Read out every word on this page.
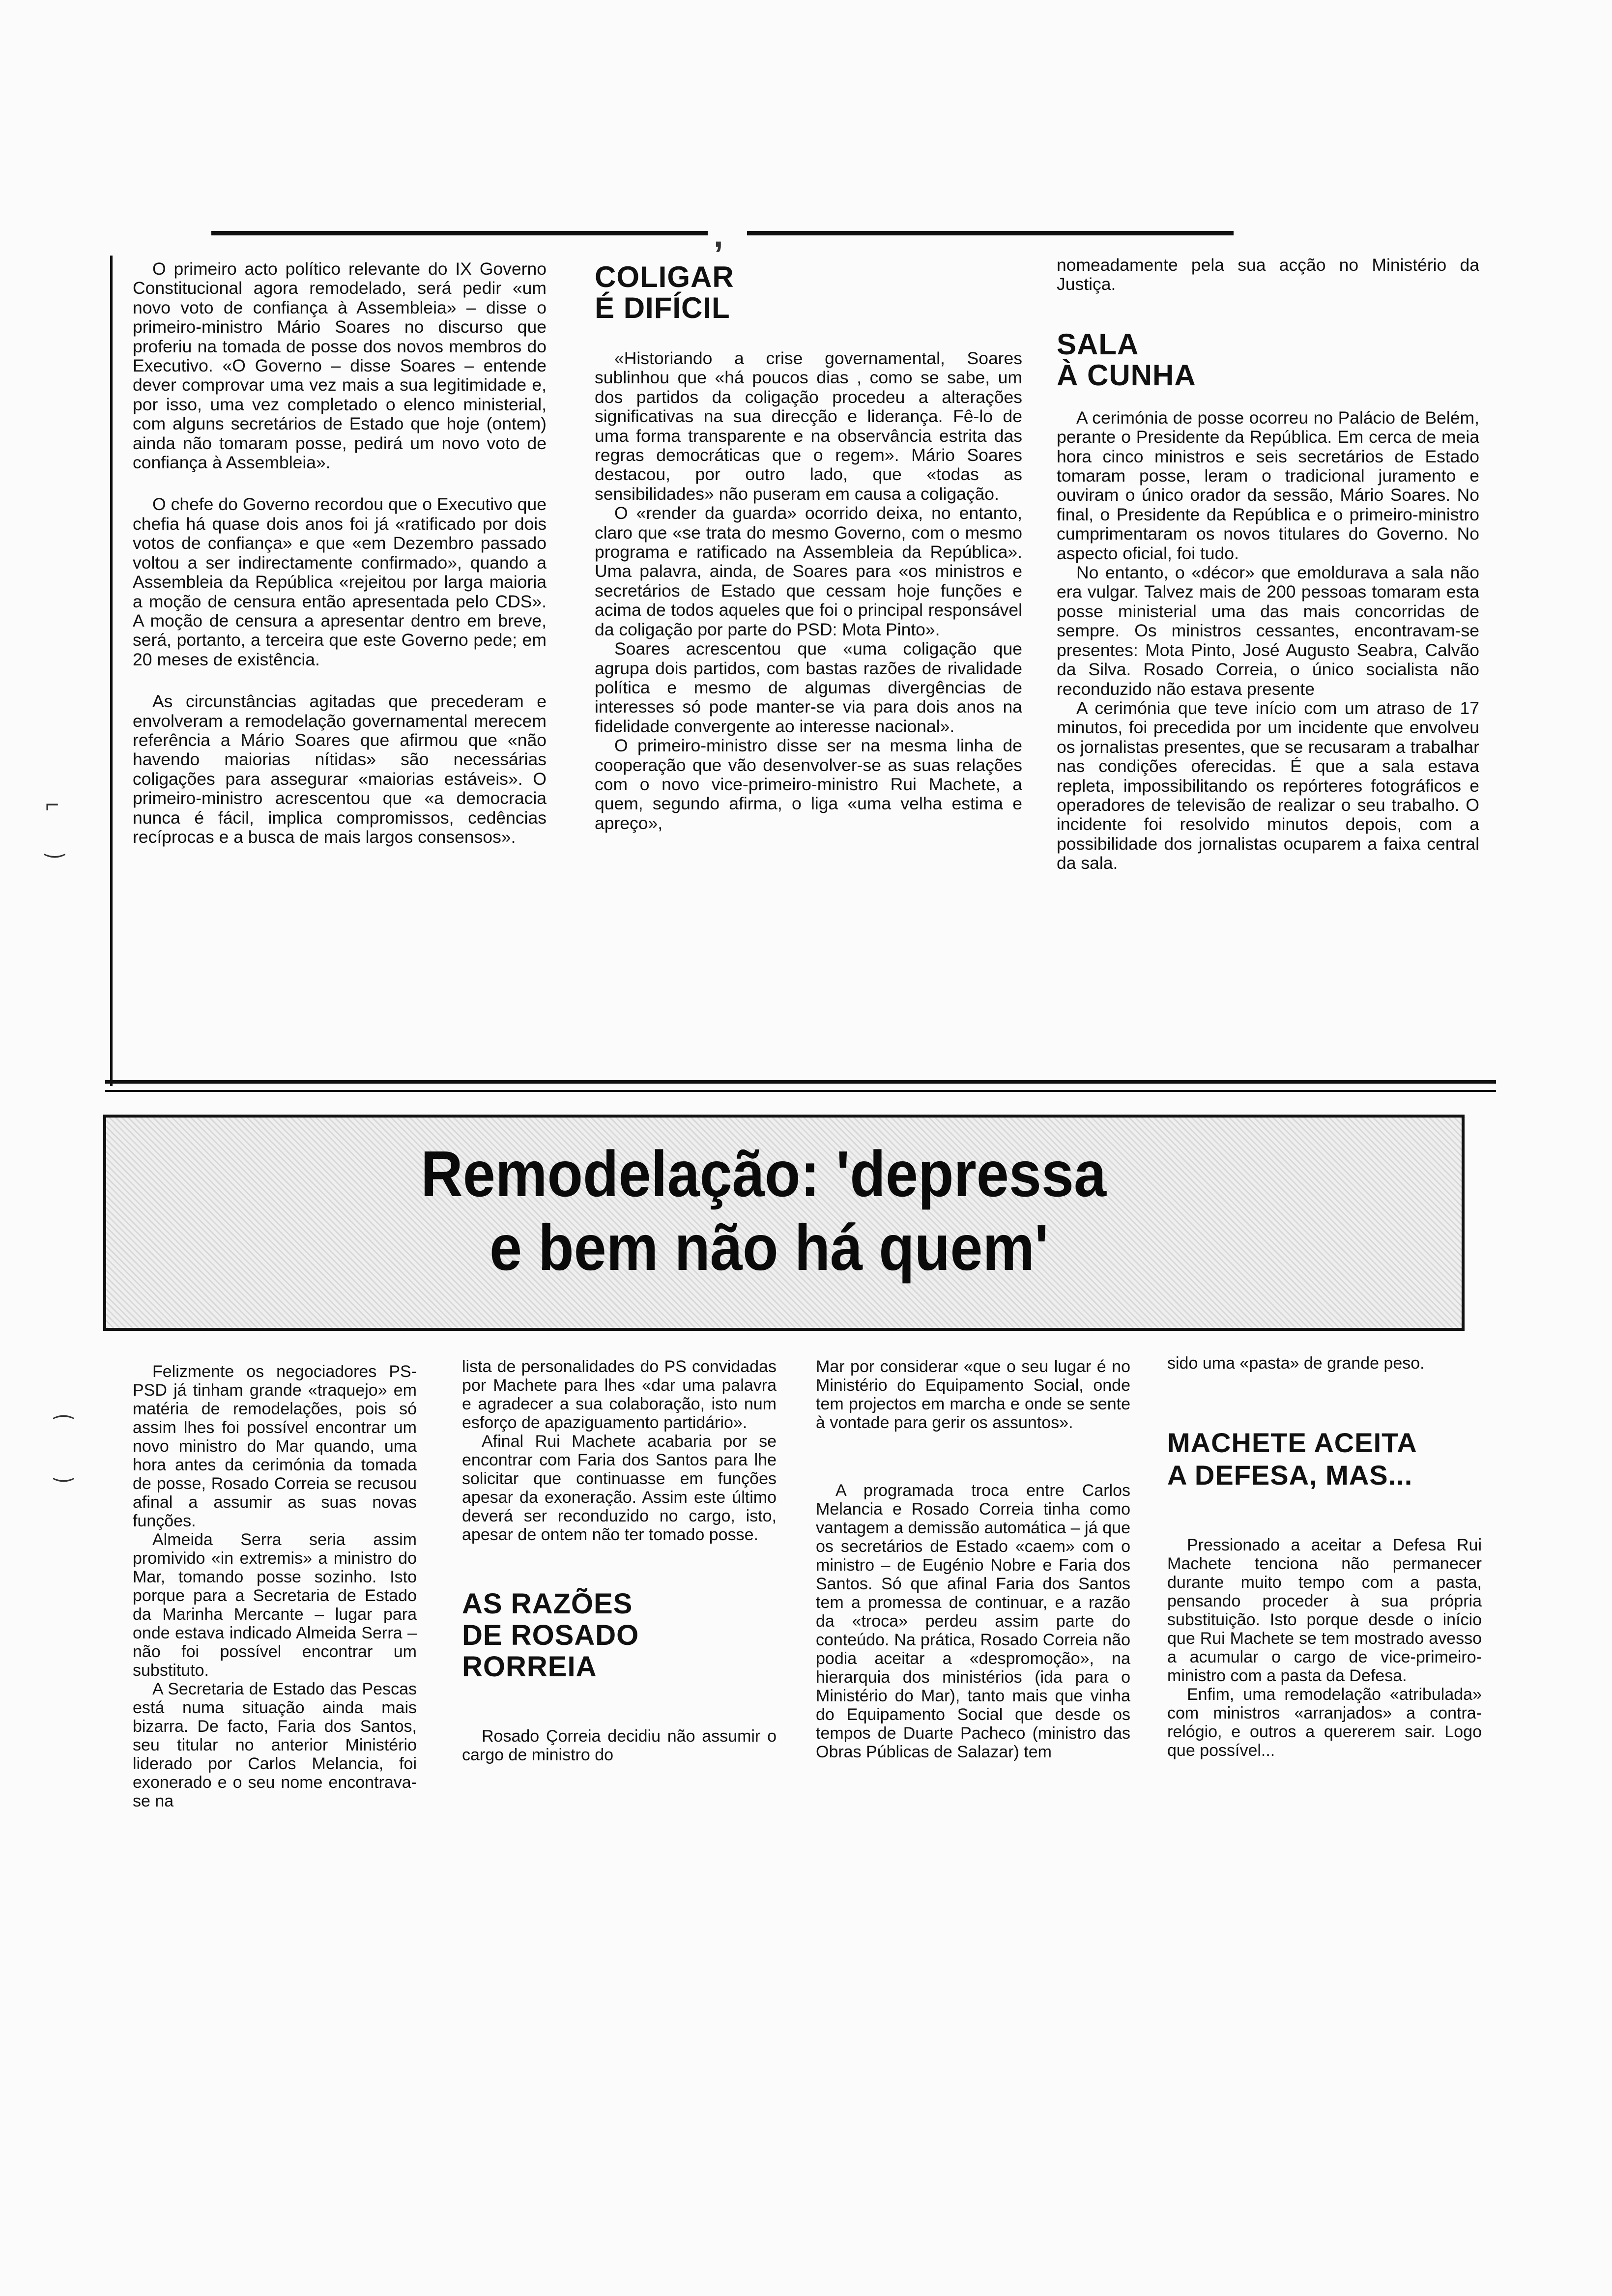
,

O primeiro acto político relevante do IX Governo Constitucional agora remodelado, será pedir «um novo voto de confiança à Assembleia» – disse o primeiro-ministro Mário Soares no discurso que proferiu na tomada de posse dos novos membros do Executivo. «O Governo – disse Soares – entende dever comprovar uma vez mais a sua legitimidade e, por isso, uma vez completado o elenco ministerial, com alguns secretários de Estado que hoje (ontem) ainda não tomaram posse, pedirá um novo voto de confiança à Assembleia».

O chefe do Governo recordou que o Executivo que chefia há quase dois anos foi já «ratificado por dois votos de confiança» e que «em Dezembro passado voltou a ser indirectamente confirmado», quando a Assembleia da República «rejeitou por larga maioria a moção de censura então apresentada pelo CDS». A moção de censura a apresentar dentro em breve, será, portanto, a terceira que este Governo pede; em 20 meses de existência.

As circunstâncias agitadas que precederam e envolveram a remodelação governamental merecem referência a Mário Soares que afirmou que «não havendo maiorias nítidas» são necessárias coligações para assegurar «maiorias estáveis». O primeiro-ministro acrescentou que «a democracia nunca é fácil, implica compromissos, cedências recíprocas e a busca de mais largos consensos».

COLIGAR
É DIFÍCIL

«Historiando a crise governamental, Soares sublinhou que «há poucos dias , como se sabe, um dos partidos da coligação procedeu a alterações significativas na sua direcção e liderança. Fê-lo de uma forma transparente e na observância estrita das regras democráticas que o regem». Mário Soares destacou, por outro lado, que «todas as sensibilidades» não puseram em causa a coligação.

O «render da guarda» ocorrido deixa, no entanto, claro que «se trata do mesmo Governo, com o mesmo programa e ratificado na Assembleia da República». Uma palavra, ainda, de Soares para «os ministros e secretários de Estado que cessam hoje funções e acima de todos aqueles que foi o principal responsável da coligação por parte do PSD: Mota Pinto».

Soares acrescentou que «uma coligação que agrupa dois partidos, com bastas razões de rivalidade política e mesmo de algumas divergências de interesses só pode manter-se via para dois anos na fidelidade convergente ao interesse nacional».

O primeiro-ministro disse ser na mesma linha de cooperação que vão desenvolver-se as suas relações com o novo vice-primeiro-ministro Rui Machete, a quem, segundo afirma, o liga «uma velha estima e apreço»,

nomeadamente pela sua acção no Ministério da Justiça.

SALA
À CUNHA

A cerimónia de posse ocorreu no Palácio de Belém, perante o Presidente da República. Em cerca de meia hora cinco ministros e seis secretários de Estado tomaram posse, leram o tradicional juramento e ouviram o único orador da sessão, Mário Soares. No final, o Presidente da República e o primeiro-ministro cumprimentaram os novos titulares do Governo. No aspecto oficial, foi tudo.

No entanto, o «décor» que emoldurava a sala não era vulgar. Talvez mais de 200 pessoas tomaram esta posse ministerial uma das mais concorridas de sempre. Os ministros cessantes, encontravam-se presentes: Mota Pinto, José Augusto Seabra, Calvão da Silva. Rosado Correia, o único socialista não reconduzido não estava presente

A cerimónia que teve início com um atraso de 17 minutos, foi precedida por um incidente que envolveu os jornalistas presentes, que se recusaram a trabalhar nas condições oferecidas. É que a sala estava repleta, impossibilitando os repórteres fotográficos e operadores de televisão de realizar o seu trabalho. O incidente foi resolvido minutos depois, com a possibilidade dos jornalistas ocuparem a faixa central da sala.

Remodelação: 'depressa
e bem não há quem'

Felizmente os negociadores PS-PSD já tinham grande «traquejo» em matéria de remodelações, pois só assim lhes foi possível encontrar um novo ministro do Mar quando, uma hora antes da cerimónia da tomada de posse, Rosado Correia se recusou afinal a assumir as suas novas funções.

Almeida Serra seria assim promivido «in extremis» a ministro do Mar, tomando posse sozinho. Isto porque para a Secretaria de Estado da Marinha Mercante – lugar para onde estava indicado Almeida Serra – não foi possível encontrar um substituto.

A Secretaria de Estado das Pescas está numa situação ainda mais bizarra. De facto, Faria dos Santos, seu titular no anterior Ministério liderado por Carlos Melancia, foi exonerado e o seu nome encontrava-se na

lista de personalidades do PS convidadas por Machete para lhes «dar uma palavra e agradecer a sua colaboração, isto num esforço de apaziguamento partidário».

Afinal Rui Machete acabaria por se encontrar com Faria dos Santos para lhe solicitar que continuasse em funções apesar da exoneração. Assim este último deverá ser reconduzido no cargo, isto, apesar de ontem não ter tomado posse.

AS RAZÕES
DE ROSADO
RORREIA

Rosado Çorreia decidiu não assumir o cargo de ministro do

Mar por considerar «que o seu lugar é no Ministério do Equipamento Social, onde tem projectos em marcha e onde se sente à vontade para gerir os assuntos».

A programada troca entre Carlos Melancia e Rosado Correia tinha como vantagem a demissão automática – já que os secretários de Estado «caem» com o ministro – de Eugénio Nobre e Faria dos Santos. Só que afinal Faria dos Santos tem a promessa de continuar, e a razão da «troca» perdeu assim parte do conteúdo. Na prática, Rosado Correia não podia aceitar a «despromoção», na hierarquia dos ministérios (ida para o Ministério do Mar), tanto mais que vinha do Equipamento Social que desde os tempos de Duarte Pacheco (ministro das Obras Públicas de Salazar) tem

sido uma «pasta» de grande peso.

MACHETE ACEITA
A DEFESA, MAS...

Pressionado a aceitar a Defesa Rui Machete tenciona não permanecer durante muito tempo com a pasta, pensando proceder à sua própria substituição. Isto porque desde o início que Rui Machete se tem mostrado avesso a acumular o cargo de vice-primeiro-ministro com a pasta da Defesa.

Enfim, uma remodelação «atribulada» com ministros «arranjados» a contra-relógio, e outros a quererem sair. Logo que possível...

⌐
‿
⁀
‿
